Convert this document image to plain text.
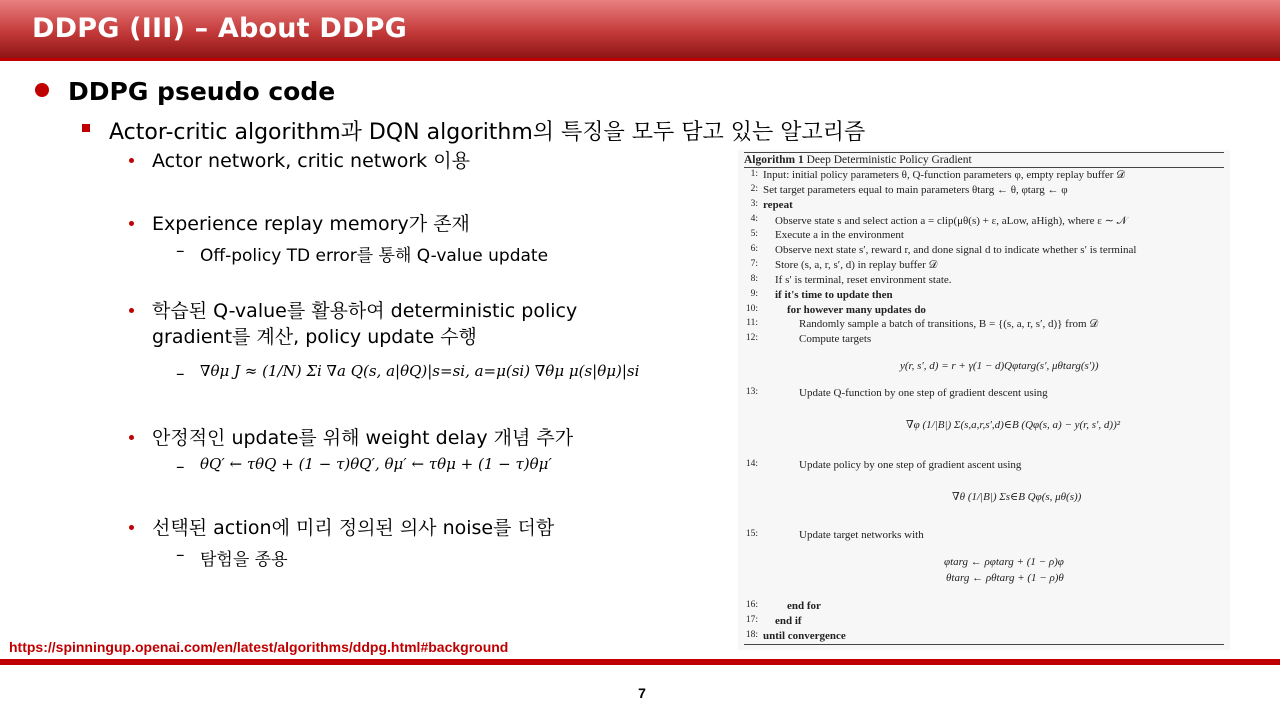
DDPG (III) – About DDPG
DDPG pseudo code
Actor-critic algorithm과 DQN algorithm의 특징을 모두 담고 있는 알고리즘
Actor network, critic network 이용
Experience replay memory가 존재
– Off-policy TD error를 통해 Q-value update
학습된 Q-value를 활용하여 deterministic policy
gradient를 계산, policy update 수행
– ∇θμ J ≈ (1/N) Σi ∇a Q(s, a|θQ)|s=si, a=μ(si) ∇θμ μ(s|θμ)|si
안정적인 update를 위해 weight delay 개념 추가
– θQ′ ← τθQ + (1 − τ)θQ′, θμ′ ← τθμ + (1 − τ)θμ′
선택된 action에 미리 정의된 의사 noise를 더함
– 탐험을 종용
Algorithm 1 Deep Deterministic Policy Gradient
1: Input: initial policy parameters θ, Q-function parameters φ, empty replay buffer 𝒟
2: Set target parameters equal to main parameters θtarg ← θ, φtarg ← φ
3: repeat
4: Observe state s and select action a = clip(μθ(s) + ε, aLow, aHigh), where ε ∼ 𝒩
5: Execute a in the environment
6: Observe next state s′, reward r, and done signal d to indicate whether s′ is terminal
7: Store (s, a, r, s′, d) in replay buffer 𝒟
8: If s′ is terminal, reset environment state.
9: if it's time to update then
10:	for however many updates do
11:	Randomly sample a batch of transitions, B = {(s, a, r, s′, d)} from 𝒟
12:	Compute targets
y(r, s′, d) = r + γ(1 − d)Qφtarg(s′, μθtarg(s′))
13:	Update Q-function by one step of gradient descent using
∇φ (1/|B|) Σ(s,a,r,s′,d)∈B (Qφ(s, a) − y(r, s′, d))²
14:	Update policy by one step of gradient ascent using
∇θ (1/|B|) Σs∈B Qφ(s, μθ(s))
15:	Update target networks with
φtarg ← ρφtarg + (1 − ρ)φ
θtarg ← ρθtarg + (1 − ρ)θ
16:	end for
17: end if
18: until convergence
https://spinningup.openai.com/en/latest/algorithms/ddpg.html#background
7
